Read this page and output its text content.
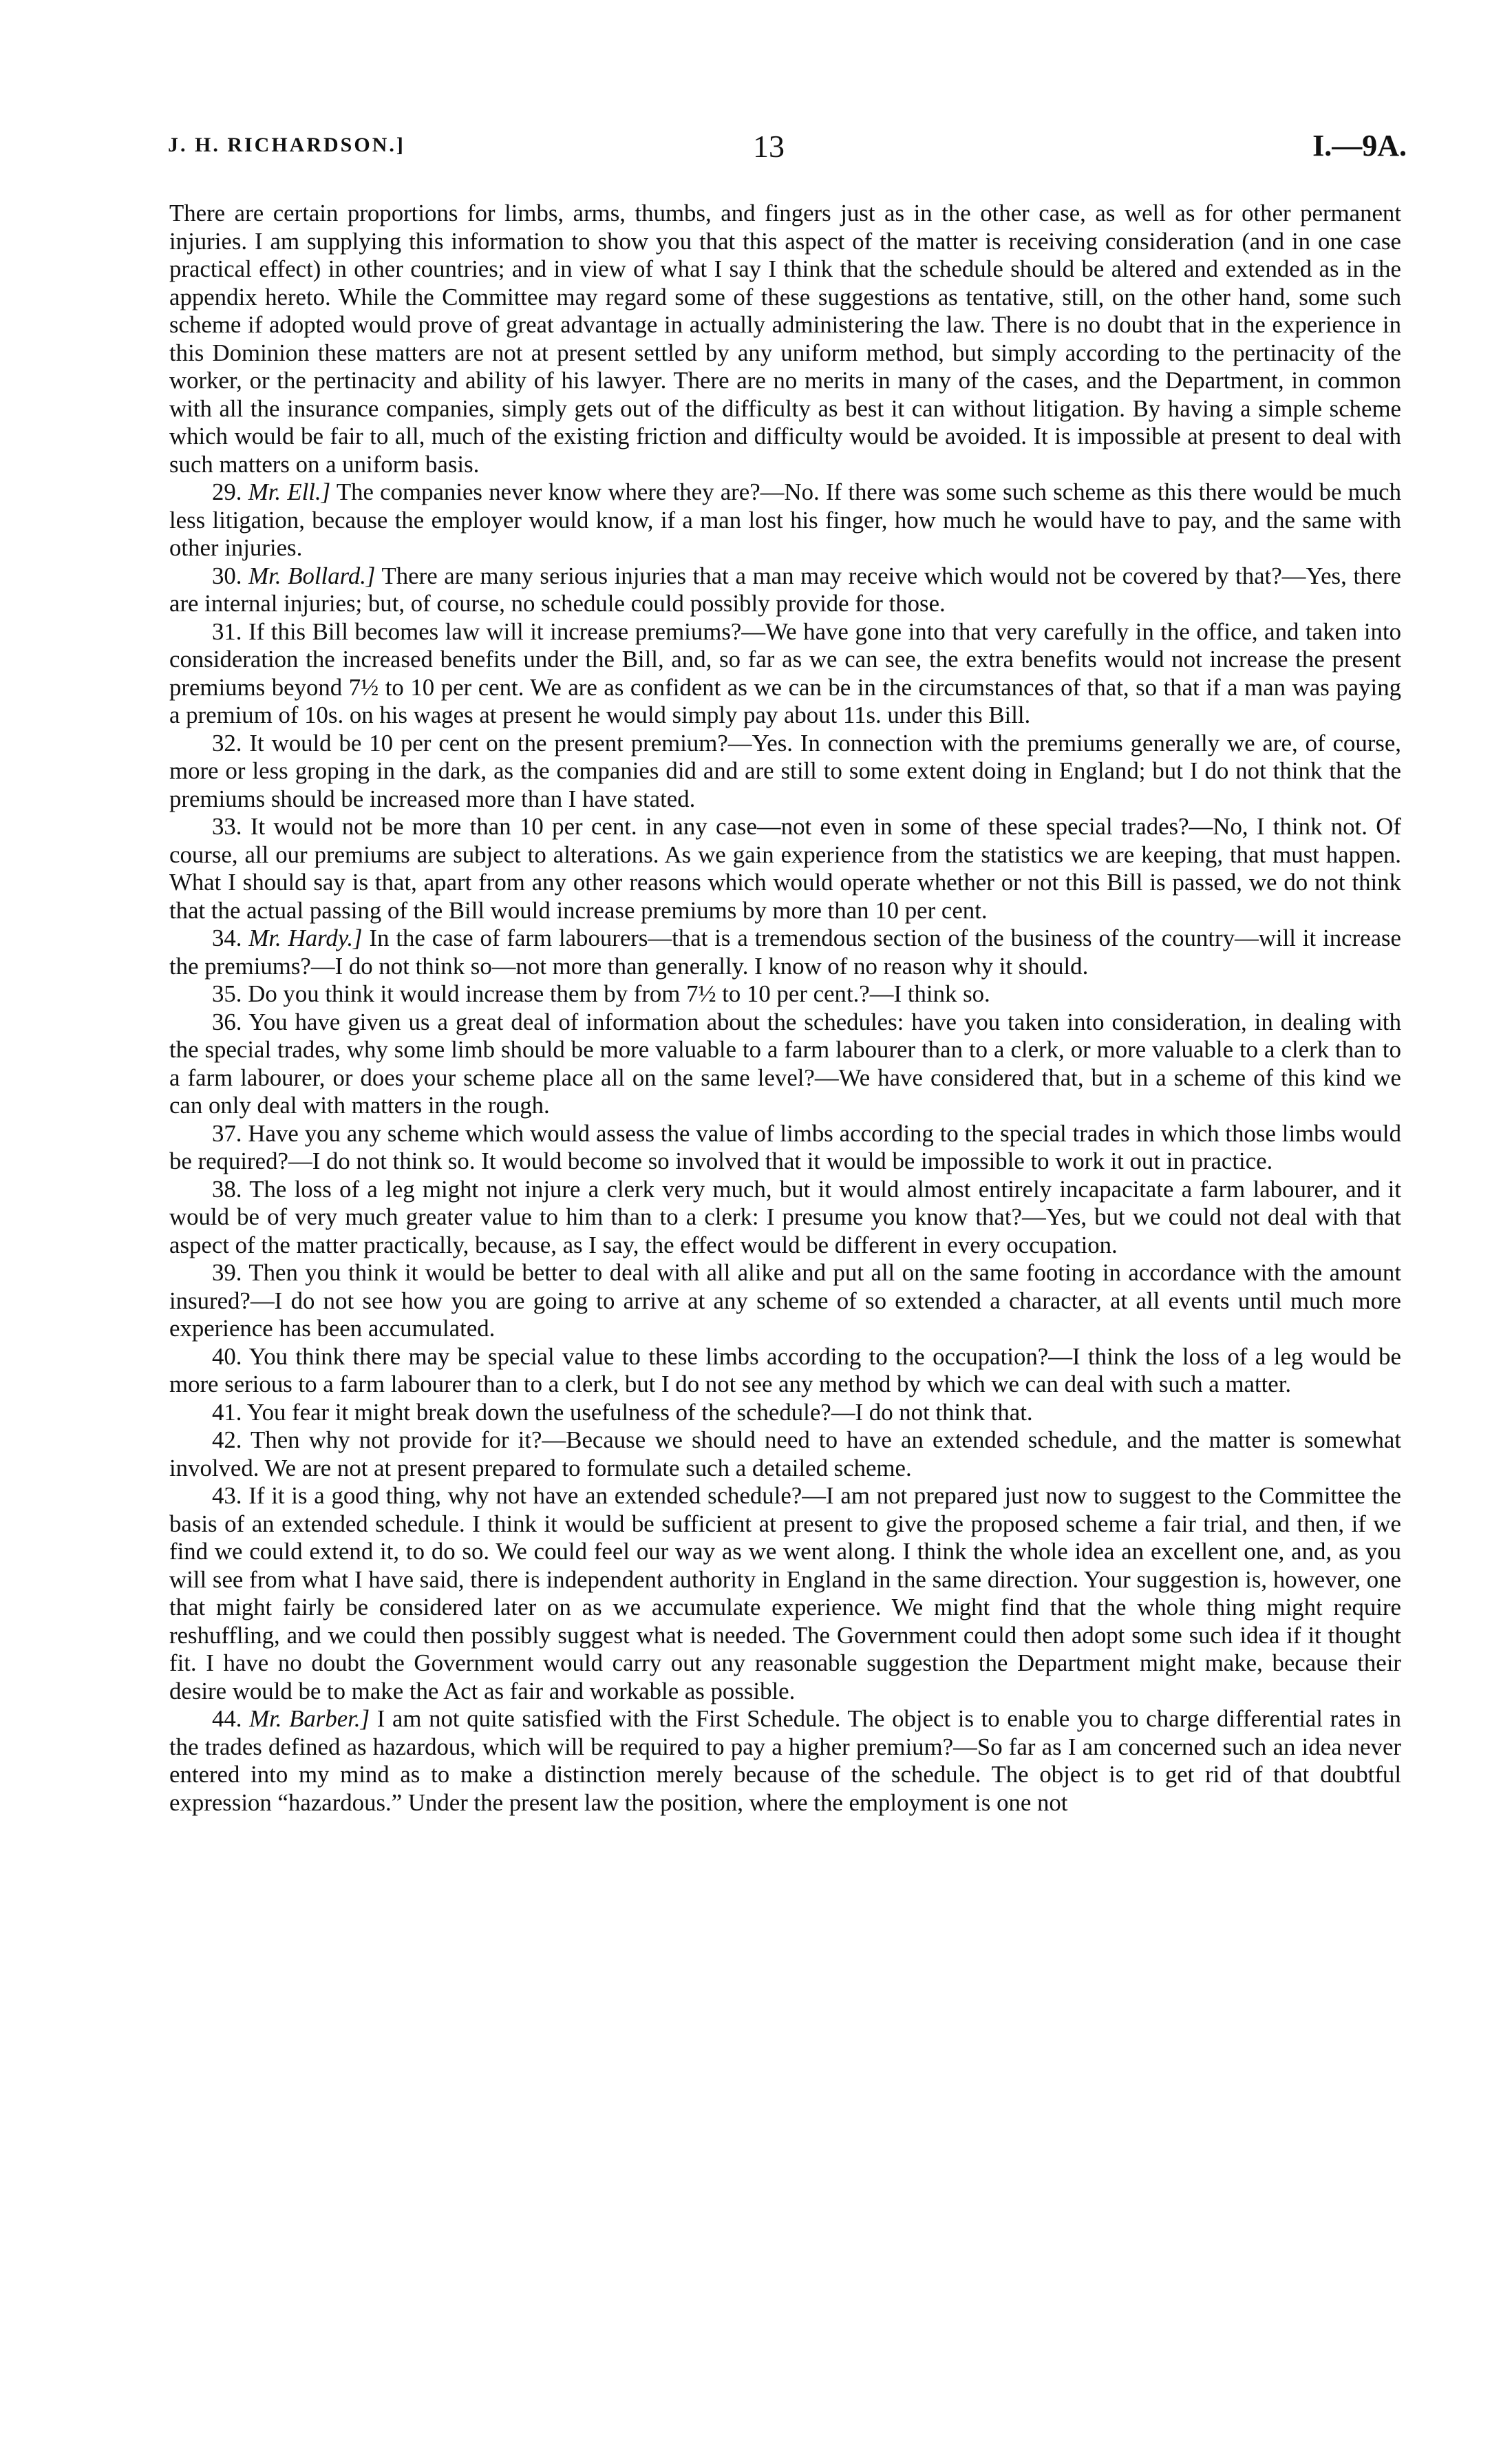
J. H. RICHARDSON.]	13	I.—9A.

There are certain proportions for limbs, arms, thumbs, and fingers just as in the other case, as well as for other permanent injuries. I am supplying this information to show you that this aspect of the matter is receiving consideration (and in one case practical effect) in other countries; and in view of what I say I think that the schedule should be altered and extended as in the appendix hereto. While the Committee may regard some of these suggestions as tentative, still, on the other hand, some such scheme if adopted would prove of great advantage in actually administering the law. There is no doubt that in the experience in this Dominion these matters are not at present settled by any uniform method, but simply according to the pertinacity of the worker, or the pertinacity and ability of his lawyer. There are no merits in many of the cases, and the Department, in common with all the insurance companies, simply gets out of the difficulty as best it can without litigation. By having a simple scheme which would be fair to all, much of the existing friction and difficulty would be avoided. It is impossible at present to deal with such matters on a uniform basis.

29. Mr. Ell.] The companies never know where they are?—No. If there was some such scheme as this there would be much less litigation, because the employer would know, if a man lost his finger, how much he would have to pay, and the same with other injuries.

30. Mr. Bollard.] There are many serious injuries that a man may receive which would not be covered by that?—Yes, there are internal injuries; but, of course, no schedule could possibly provide for those.

31. If this Bill becomes law will it increase premiums?—We have gone into that very carefully in the office, and taken into consideration the increased benefits under the Bill, and, so far as we can see, the extra benefits would not increase the present premiums beyond 7½ to 10 per cent. We are as confident as we can be in the circumstances of that, so that if a man was paying a premium of 10s. on his wages at present he would simply pay about 11s. under this Bill.

32. It would be 10 per cent on the present premium?—Yes. In connection with the premiums generally we are, of course, more or less groping in the dark, as the companies did and are still to some extent doing in England; but I do not think that the premiums should be increased more than I have stated.

33. It would not be more than 10 per cent. in any case—not even in some of these special trades?—No, I think not. Of course, all our premiums are subject to alterations. As we gain experience from the statistics we are keeping, that must happen. What I should say is that, apart from any other reasons which would operate whether or not this Bill is passed, we do not think that the actual passing of the Bill would increase premiums by more than 10 per cent.

34. Mr. Hardy.] In the case of farm labourers—that is a tremendous section of the business of the country—will it increase the premiums?—I do not think so—not more than generally. I know of no reason why it should.

35. Do you think it would increase them by from 7½ to 10 per cent.?—I think so.

36. You have given us a great deal of information about the schedules: have you taken into consideration, in dealing with the special trades, why some limb should be more valuable to a farm labourer than to a clerk, or more valuable to a clerk than to a farm labourer, or does your scheme place all on the same level?—We have considered that, but in a scheme of this kind we can only deal with matters in the rough.

37. Have you any scheme which would assess the value of limbs according to the special trades in which those limbs would be required?—I do not think so. It would become so involved that it would be impossible to work it out in practice.

38. The loss of a leg might not injure a clerk very much, but it would almost entirely incapacitate a farm labourer, and it would be of very much greater value to him than to a clerk: I presume you know that?—Yes, but we could not deal with that aspect of the matter practically, because, as I say, the effect would be different in every occupation.

39. Then you think it would be better to deal with all alike and put all on the same footing in accordance with the amount insured?—I do not see how you are going to arrive at any scheme of so extended a character, at all events until much more experience has been accumulated.

40. You think there may be special value to these limbs according to the occupation?—I think the loss of a leg would be more serious to a farm labourer than to a clerk, but I do not see any method by which we can deal with such a matter.

41. You fear it might break down the usefulness of the schedule?—I do not think that.

42. Then why not provide for it?—Because we should need to have an extended schedule, and the matter is somewhat involved. We are not at present prepared to formulate such a detailed scheme.

43. If it is a good thing, why not have an extended schedule?—I am not prepared just now to suggest to the Committee the basis of an extended schedule. I think it would be sufficient at present to give the proposed scheme a fair trial, and then, if we find we could extend it, to do so. We could feel our way as we went along. I think the whole idea an excellent one, and, as you will see from what I have said, there is independent authority in England in the same direction. Your suggestion is, however, one that might fairly be considered later on as we accumulate experience. We might find that the whole thing might require reshuffling, and we could then possibly suggest what is needed. The Government could then adopt some such idea if it thought fit. I have no doubt the Government would carry out any reasonable suggestion the Department might make, because their desire would be to make the Act as fair and workable as possible.

44. Mr. Barber.] I am not quite satisfied with the First Schedule. The object is to enable you to charge differential rates in the trades defined as hazardous, which will be required to pay a higher premium?—So far as I am concerned such an idea never entered into my mind as to make a distinction merely because of the schedule. The object is to get rid of that doubtful expression “hazardous.” Under the present law the position, where the employment is one not
